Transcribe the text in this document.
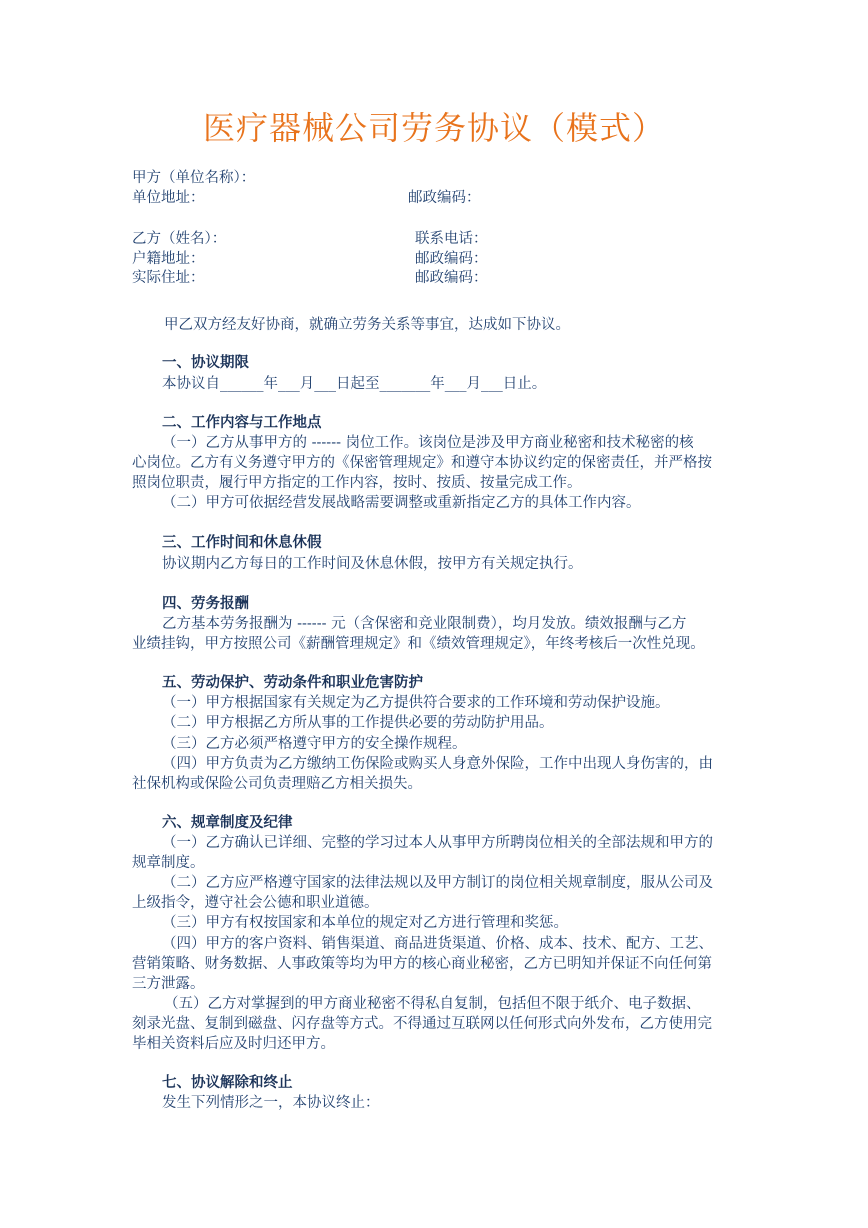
医疗器械公司劳务协议（模式）
甲方（单位名称）：
单位地址：	邮政编码：
乙方（姓名）：	联系电话：
户籍地址：	邮政编码：
实际住址：	邮政编码：
甲乙双方经友好协商，就确立劳务关系等事宜，达成如下协议。
一、协议期限
本协议自______年___月___日起至_______年___月___日止。
二、工作内容与工作地点
（一）乙方从事甲方的 ------ 岗位工作。该岗位是涉及甲方商业秘密和技术秘密的核
心岗位。乙方有义务遵守甲方的《保密管理规定》和遵守本协议约定的保密责任，并严格按
照岗位职责，履行甲方指定的工作内容，按时、按质、按量完成工作。
（二）甲方可依据经营发展战略需要调整或重新指定乙方的具体工作内容。
三、工作时间和休息休假
协议期内乙方每日的工作时间及休息休假，按甲方有关规定执行。
四、劳务报酬
乙方基本劳务报酬为 ------ 元（含保密和竞业限制费），均月发放。绩效报酬与乙方
业绩挂钩，甲方按照公司《薪酬管理规定》和《绩效管理规定》，年终考核后一次性兑现。
五、劳动保护、劳动条件和职业危害防护
（一）甲方根据国家有关规定为乙方提供符合要求的工作环境和劳动保护设施。
（二）甲方根据乙方所从事的工作提供必要的劳动防护用品。
（三）乙方必须严格遵守甲方的安全操作规程。
（四）甲方负责为乙方缴纳工伤保险或购买人身意外保险，工作中出现人身伤害的，由
社保机构或保险公司负责理赔乙方相关损失。
六、规章制度及纪律
（一）乙方确认已详细、完整的学习过本人从事甲方所聘岗位相关的全部法规和甲方的
规章制度。
（二）乙方应严格遵守国家的法律法规以及甲方制订的岗位相关规章制度，服从公司及
上级指令，遵守社会公德和职业道德。
（三）甲方有权按国家和本单位的规定对乙方进行管理和奖惩。
（四）甲方的客户资料、销售渠道、商品进货渠道、价格、成本、技术、配方、工艺、
营销策略、财务数据、人事政策等均为甲方的核心商业秘密，乙方已明知并保证不向任何第
三方泄露。
（五）乙方对掌握到的甲方商业秘密不得私自复制，包括但不限于纸介、电子数据、
刻录光盘、复制到磁盘、闪存盘等方式。不得通过互联网以任何形式向外发布，乙方使用完
毕相关资料后应及时归还甲方。
七、协议解除和终止
发生下列情形之一，本协议终止：
